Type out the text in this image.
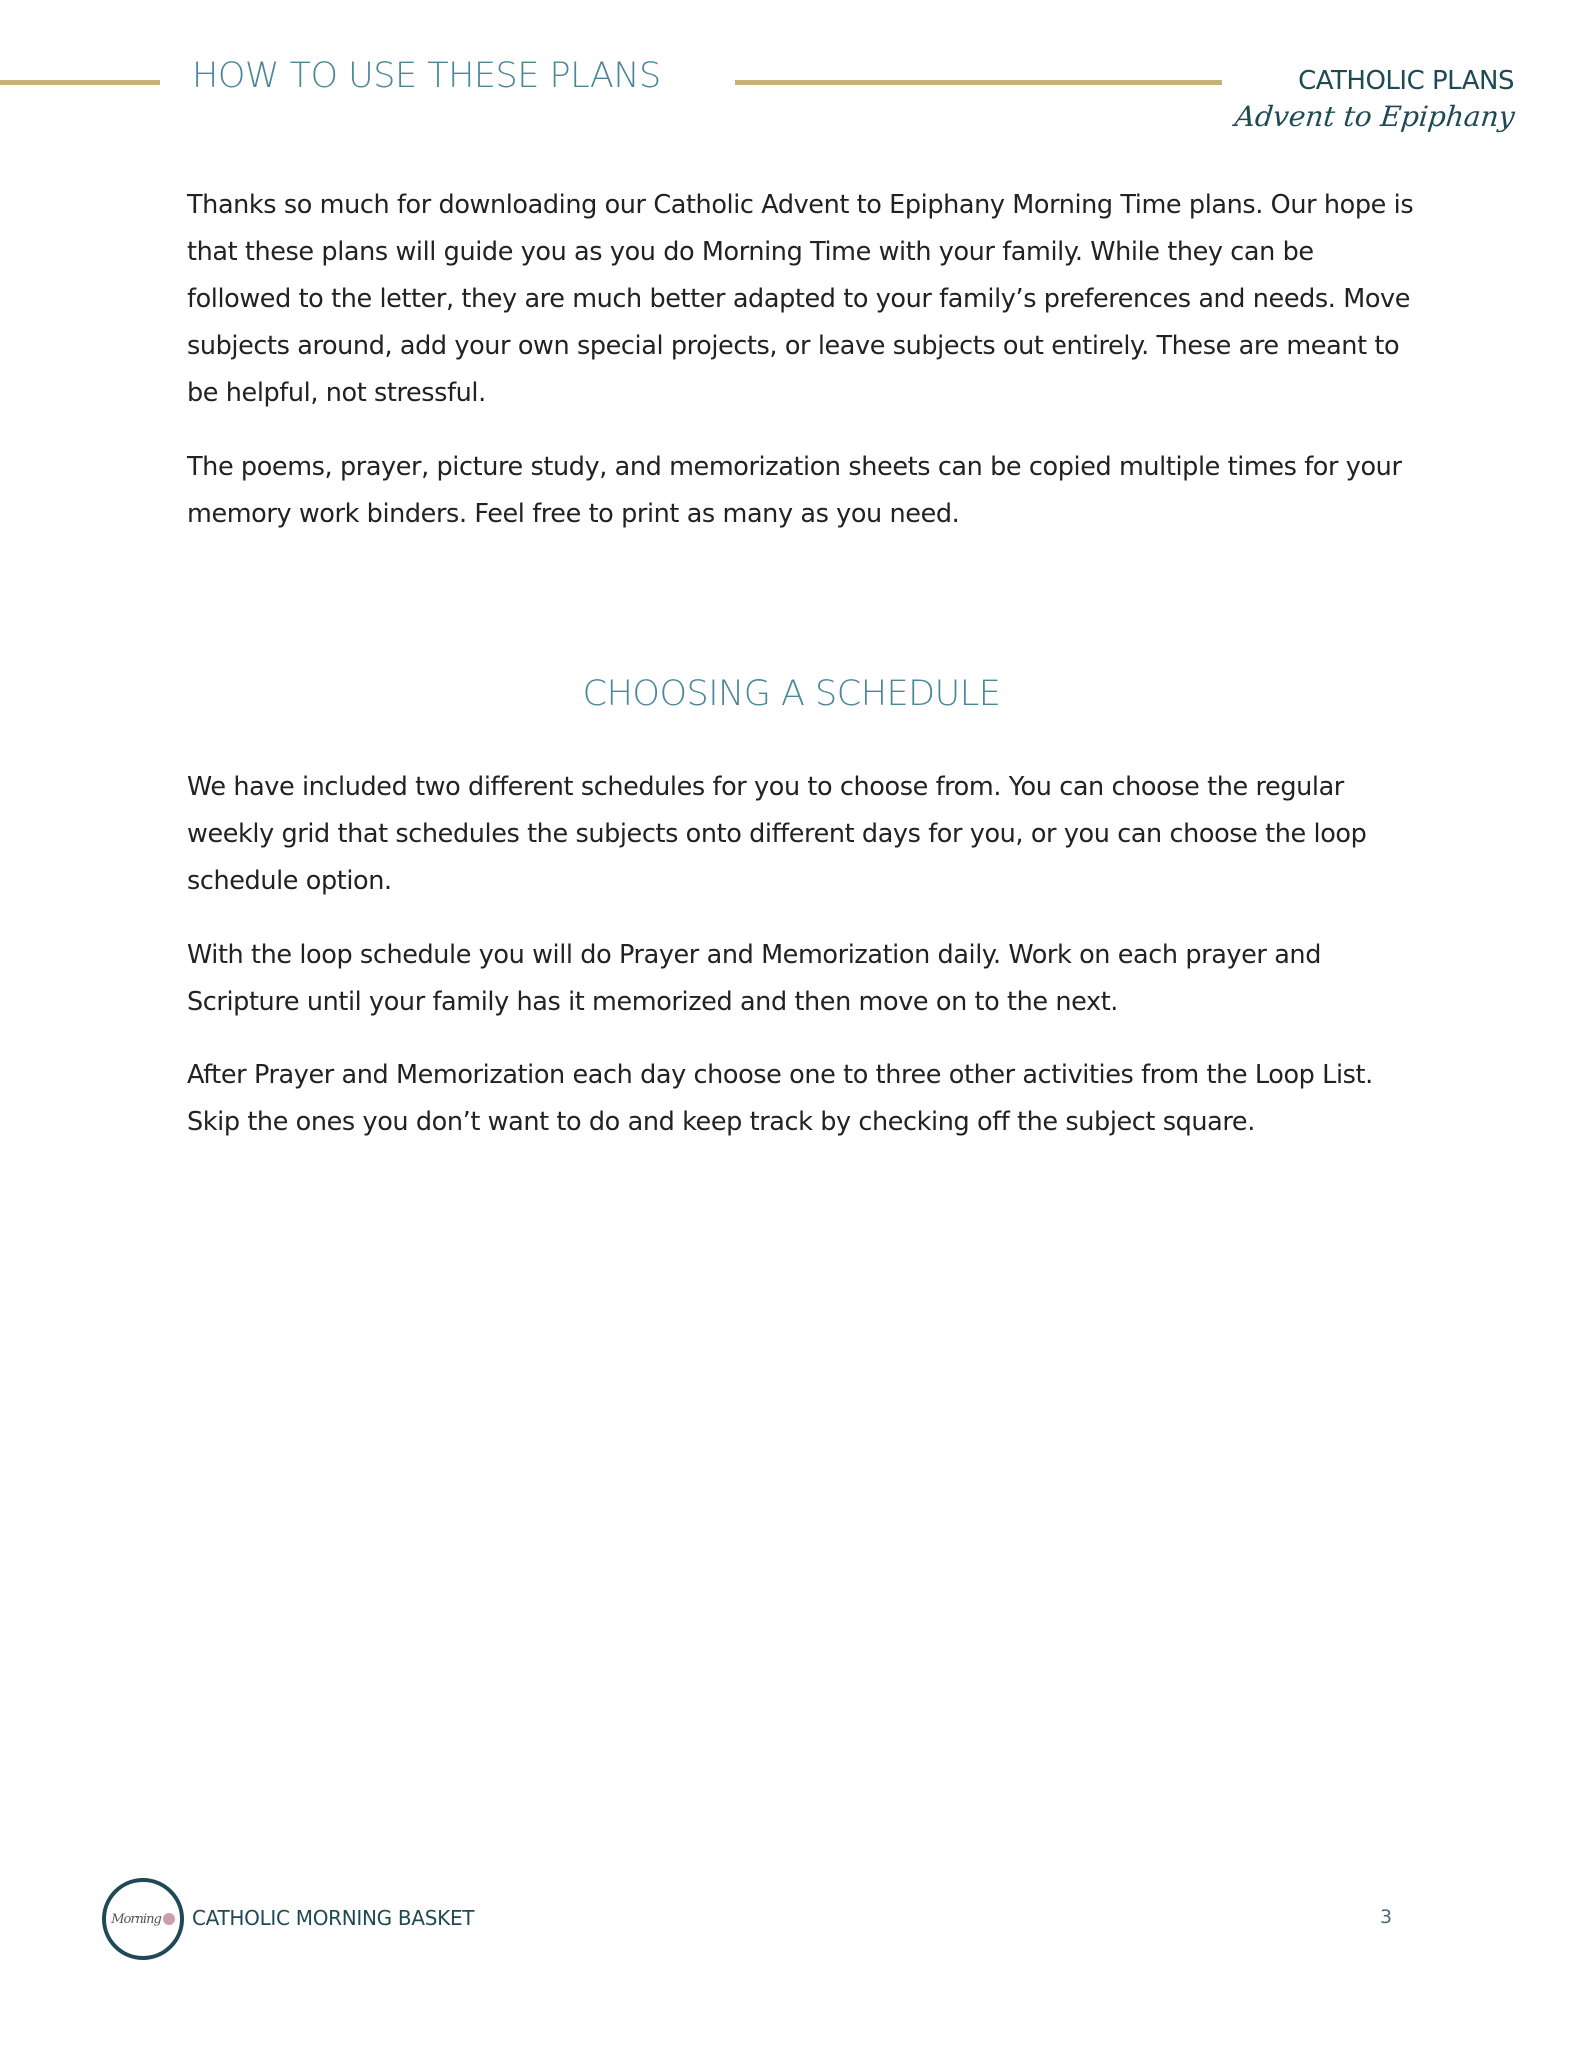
HOW TO USE THESE PLANS	CATHOLIC PLANS
Advent to Epiphany

Thanks so much for downloading our Catholic Advent to Epiphany Morning Time plans. Our hope is that these plans will guide you as you do Morning Time with your family. While they can be followed to the letter, they are much better adapted to your family’s preferences and needs. Move subjects around, add your own special projects, or leave subjects out entirely. These are meant to be helpful, not stressful.

The poems, prayer, picture study, and memorization sheets can be copied multiple times for your memory work binders. Feel free to print as many as you need.

CHOOSING A SCHEDULE

We have included two different schedules for you to choose from. You can choose the regular weekly grid that schedules the subjects onto different days for you, or you can choose the loop schedule option.

With the loop schedule you will do Prayer and Memorization daily. Work on each prayer and Scripture until your family has it memorized and then move on to the next.

After Prayer and Memorization each day choose one to three other activities from the Loop List. Skip the ones you don’t want to do and keep track by checking off the subject square.

Morning CATHOLIC MORNING BASKET	3
